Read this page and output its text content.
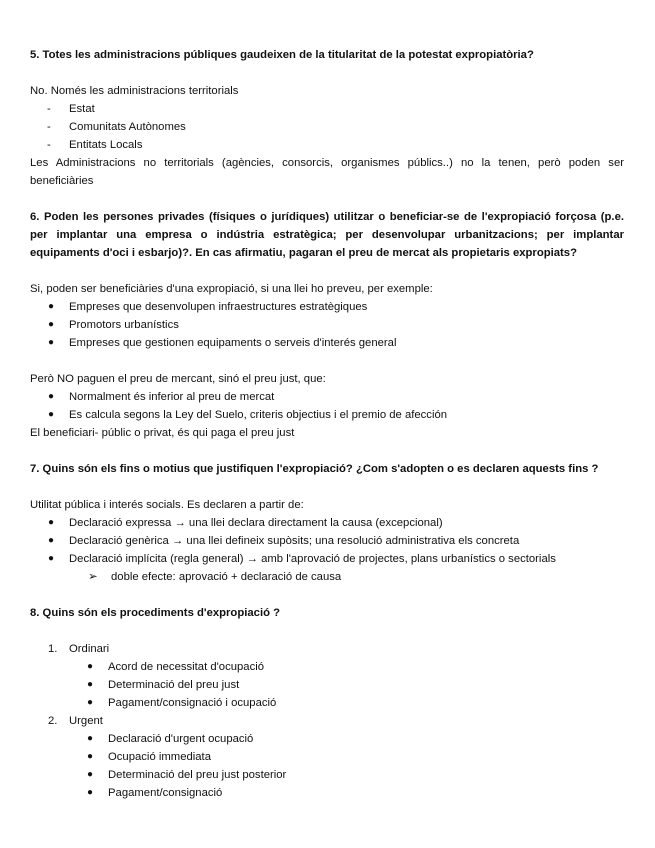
5. Totes les administracions públiques gaudeixen de la titularitat de la potestat expropiatòria?

No. Només les administracions territorials

- Estat
- Comunitats Autònomes
- Entitats Locals

Les Administracions no territorials (agències, consorcis, organismes públics..) no la tenen, però poden ser beneficiàries

6. Poden les persones privades (físiques o jurídiques) utilitzar o beneficiar-se de l'expropiació forçosa (p.e. per implantar una empresa o indústria estratègica; per desenvolupar urbanitzacions; per implantar equipaments d'oci i esbarjo)?. En cas afirmatiu, pagaran el preu de mercat als propietaris expropiats?

Si, poden ser beneficiàries d'una expropiació, si una llei ho preveu, per exemple:

● Empreses que desenvolupen infraestructures estratègiques
● Promotors urbanístics
● Empreses que gestionen equipaments o serveis d'interés general

Però NO paguen el preu de mercant, sinó el preu just, que:

● Normalment és inferior al preu de mercat
● Es calcula segons la Ley del Suelo, criteris objectius i el premio de afección

El beneficiari- públic o privat, és qui paga el preu just

7. Quins són els fins o motius que justifiquen l'expropiació? ¿Com s'adopten o es declaren aquests fins ?

Utilitat pública i interés socials. Es declaren a partir de:

● Declaració expressa → una llei declara directament la causa (excepcional)
● Declaració genèrica → una llei defineix supòsits; una resolució administrativa els concreta
● Declaració implícita (regla general) → amb l'aprovació de projectes, plans urbanístics o sectorials
➢ doble efecte: aprovació + declaració de causa

8. Quins són els procediments d'expropiació ?

1. Ordinari
● Acord de necessitat d'ocupació
● Determinació del preu just
● Pagament/consignació i ocupació
2. Urgent
● Declaració d'urgent ocupació
● Ocupació immediata
● Determinació del preu just posterior
● Pagament/consignació
